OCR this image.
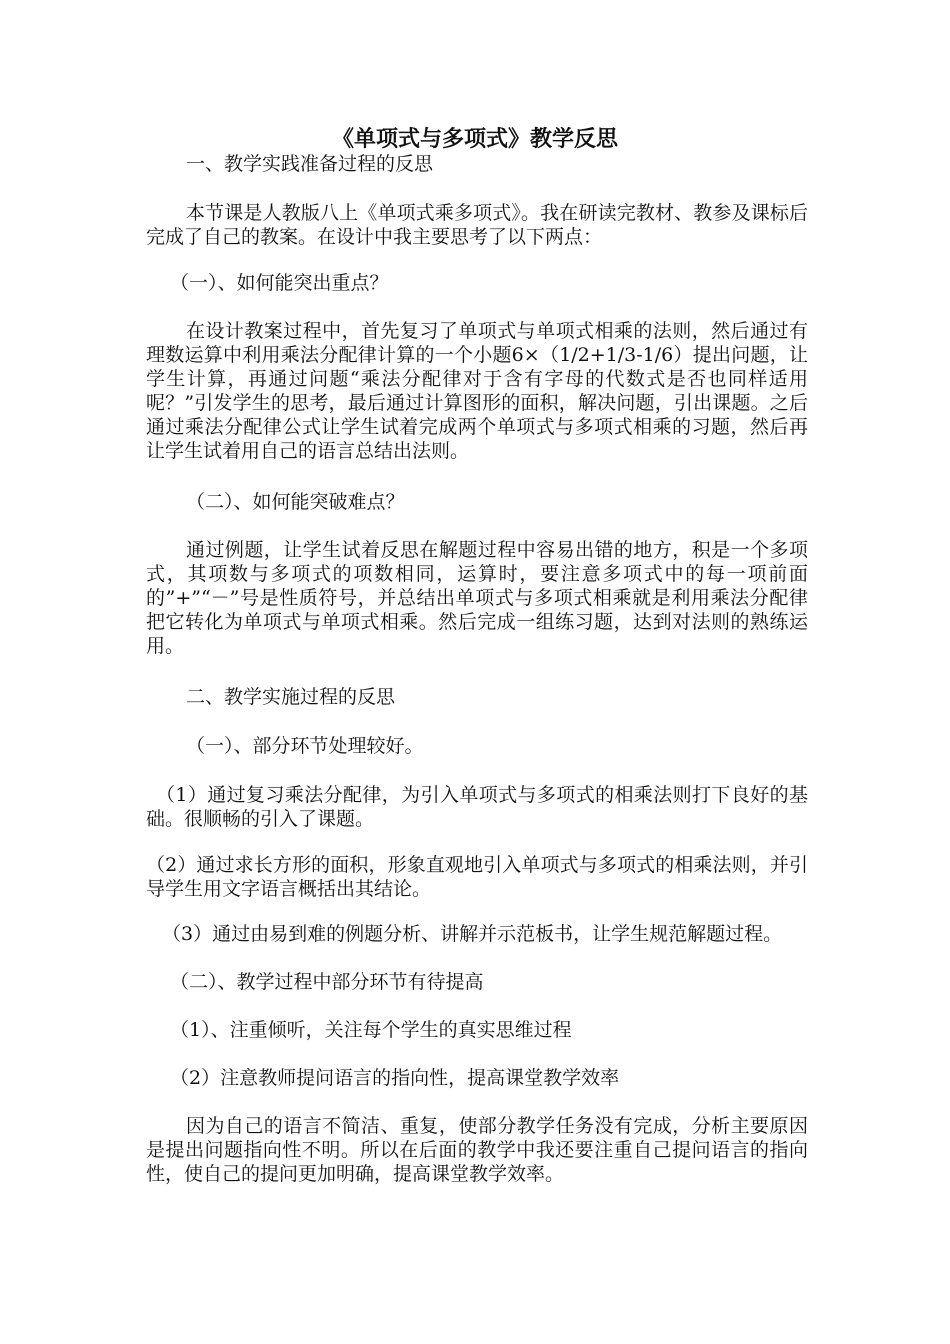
《单项式与多项式》教学反思

一、教学实践准备过程的反思

本节课是人教版八上《单项式乘多项式》。我在研读完教材、教参及课标后完成了自己的教案。在设计中我主要思考了以下两点：

（一）、如何能突出重点？

在设计教案过程中，首先复习了单项式与单项式相乘的法则，然后通过有理数运算中利用乘法分配律计算的一个小题6×（1/2+1/3-1/6）提出问题，让学生计算，再通过问题“乘法分配律对于含有字母的代数式是否也同样适用呢？”引发学生的思考，最后通过计算图形的面积，解决问题，引出课题。之后通过乘法分配律公式让学生试着完成两个单项式与多项式相乘的习题，然后再让学生试着用自己的语言总结出法则。

（二）、如何能突破难点？

通过例题，让学生试着反思在解题过程中容易出错的地方，积是一个多项式，其项数与多项式的项数相同，运算时，要注意多项式中的每一项前面的”+”“－”号是性质符号，并总结出单项式与多项式相乘就是利用乘法分配律把它转化为单项式与单项式相乘。然后完成一组练习题，达到对法则的熟练运用。

二、教学实施过程的反思

（一）、部分环节处理较好。

（1）通过复习乘法分配律，为引入单项式与多项式的相乘法则打下良好的基础。很顺畅的引入了课题。

（2）通过求长方形的面积，形象直观地引入单项式与多项式的相乘法则，并引导学生用文字语言概括出其结论。

（3）通过由易到难的例题分析、讲解并示范板书，让学生规范解题过程。

（二）、教学过程中部分环节有待提高

（1）、注重倾听，关注每个学生的真实思维过程

（2）注意教师提问语言的指向性，提高课堂教学效率

因为自己的语言不简洁、重复，使部分教学任务没有完成，分析主要原因是提出问题指向性不明。所以在后面的教学中我还要注重自己提问语言的指向性，使自己的提问更加明确，提高课堂教学效率。
